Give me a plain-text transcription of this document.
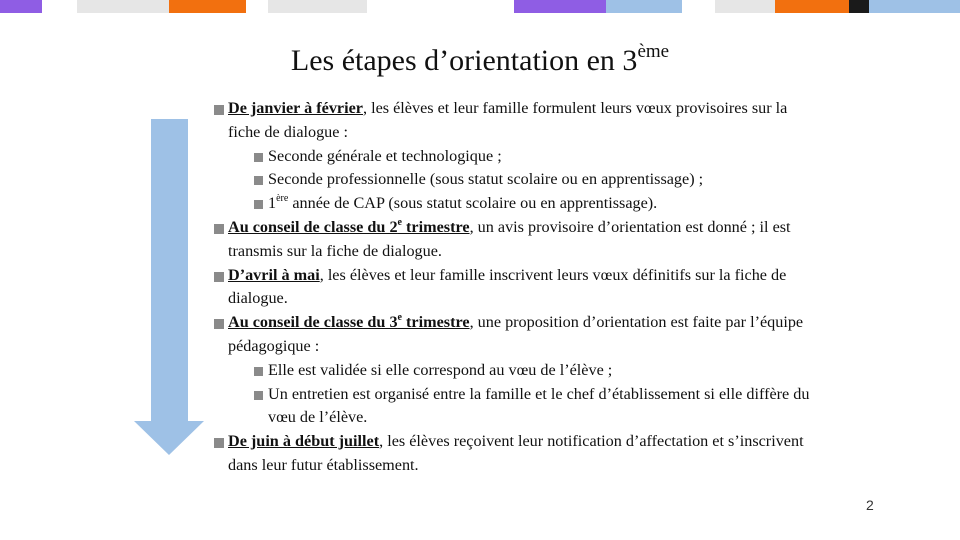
Les étapes d’orientation en 3ème
De janvier à février, les élèves et leur famille formulent leurs vœux provisoires sur la fiche de dialogue :
Seconde générale et technologique ;
Seconde professionnelle (sous statut scolaire ou en apprentissage) ;
1ère année de CAP (sous statut scolaire ou en apprentissage).
Au conseil de classe du 2e trimestre, un avis provisoire d’orientation est donné ; il est transmis sur la fiche de dialogue.
D’avril à mai, les élèves et leur famille inscrivent leurs vœux définitifs sur la fiche de dialogue.
Au conseil de classe du 3e trimestre, une proposition d’orientation est faite par l’équipe pédagogique :
Elle est validée si elle correspond au vœu de l’élève ;
Un entretien est organisé entre la famille et le chef d’établissement si elle diffère du vœu de l’élève.
De juin à début juillet, les élèves reçoivent leur notification d’affectation et s’inscrivent dans leur futur établissement.
2
